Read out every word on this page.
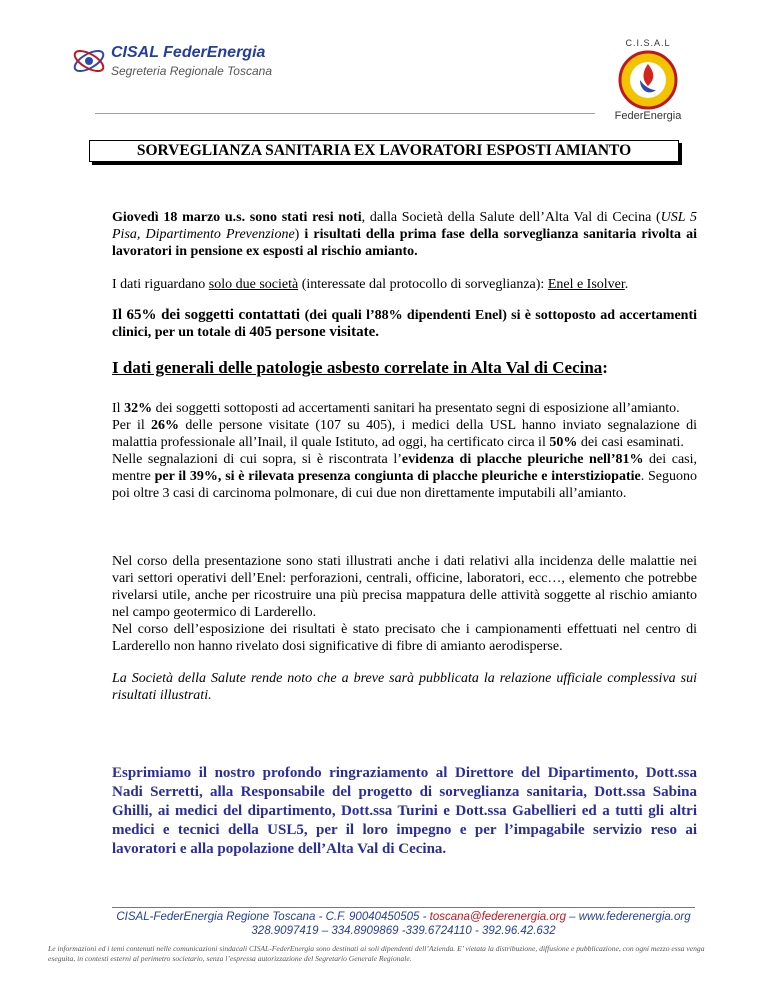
CISAL FederEnergia
Segreteria Regionale Toscana
C.I.S.A.L
FederEnergia
SORVEGLIANZA SANITARIA EX LAVORATORI ESPOSTI AMIANTO
Giovedì 18 marzo u.s. sono stati resi noti, dalla Società della Salute dell’Alta Val di Cecina (USL 5 Pisa, Dipartimento Prevenzione) i risultati della prima fase della sorveglianza sanitaria rivolta ai lavoratori in pensione ex esposti al rischio amianto.
I dati riguardano solo due società (interessate dal protocollo di sorveglianza): Enel e Isolver.
Il 65% dei soggetti contattati (dei quali l’88% dipendenti Enel) si è sottoposto ad accertamenti clinici, per un totale di 405 persone visitate.
I dati generali delle patologie asbesto correlate in Alta Val di Cecina:
Il 32% dei soggetti sottoposti ad accertamenti sanitari ha presentato segni di esposizione all’amianto.
Per il 26% delle persone visitate (107 su 405), i medici della USL hanno inviato segnalazione di malattia professionale all’Inail, il quale Istituto, ad oggi, ha certificato circa il 50% dei casi esaminati.
Nelle segnalazioni di cui sopra, si è riscontrata l’evidenza di placche pleuriche nell’81% dei casi, mentre per il 39%, si è rilevata presenza congiunta di placche pleuriche e interstiziopatie. Seguono poi oltre 3 casi di carcinoma polmonare, di cui due non direttamente imputabili all’amianto.
Nel corso della presentazione sono stati illustrati anche i dati relativi alla incidenza delle malattie nei vari settori operativi dell’Enel: perforazioni, centrali, officine, laboratori, ecc…, elemento che potrebbe rivelarsi utile, anche per ricostruire una più precisa mappatura delle attività soggette al rischio amianto nel campo geotermico di Larderello.
Nel corso dell’esposizione dei risultati è stato precisato che i campionamenti effettuati nel centro di Larderello non hanno rivelato dosi significative di fibre di amianto aerodisperse.
La Società della Salute rende noto che a breve sarà pubblicata la relazione ufficiale complessiva sui risultati illustrati.
Esprimiamo il nostro profondo ringraziamento al Direttore del Dipartimento, Dott.ssa Nadi Serretti, alla Responsabile del progetto di sorveglianza sanitaria, Dott.ssa Sabina Ghilli, ai medici del dipartimento, Dott.ssa Turini e Dott.ssa Gabellieri ed a tutti gli altri medici e tecnici della USL5, per il loro impegno e per l’impagabile servizio reso ai lavoratori e alla popolazione dell’Alta Val di Cecina.
CISAL-FederEnergia Regione Toscana - C.F. 90040450505 - toscana@federenergia.org – www.federenergia.org
328.9097419 – 334.8909869 -339.6724110 - 392.96.42.632
Le informazioni ed i temi contenuti nelle comunicazioni sindacali CISAL-FederEnergia sono destinati ai soli dipendenti dell’Azienda. E’ vietata la distribuzione, diffusione e pubblicazione, con ogni mezzo essa venga eseguita, in contesti esterni al perimetro societario, senza l’espressa autorizzazione del Segretario Generale Regionale.
